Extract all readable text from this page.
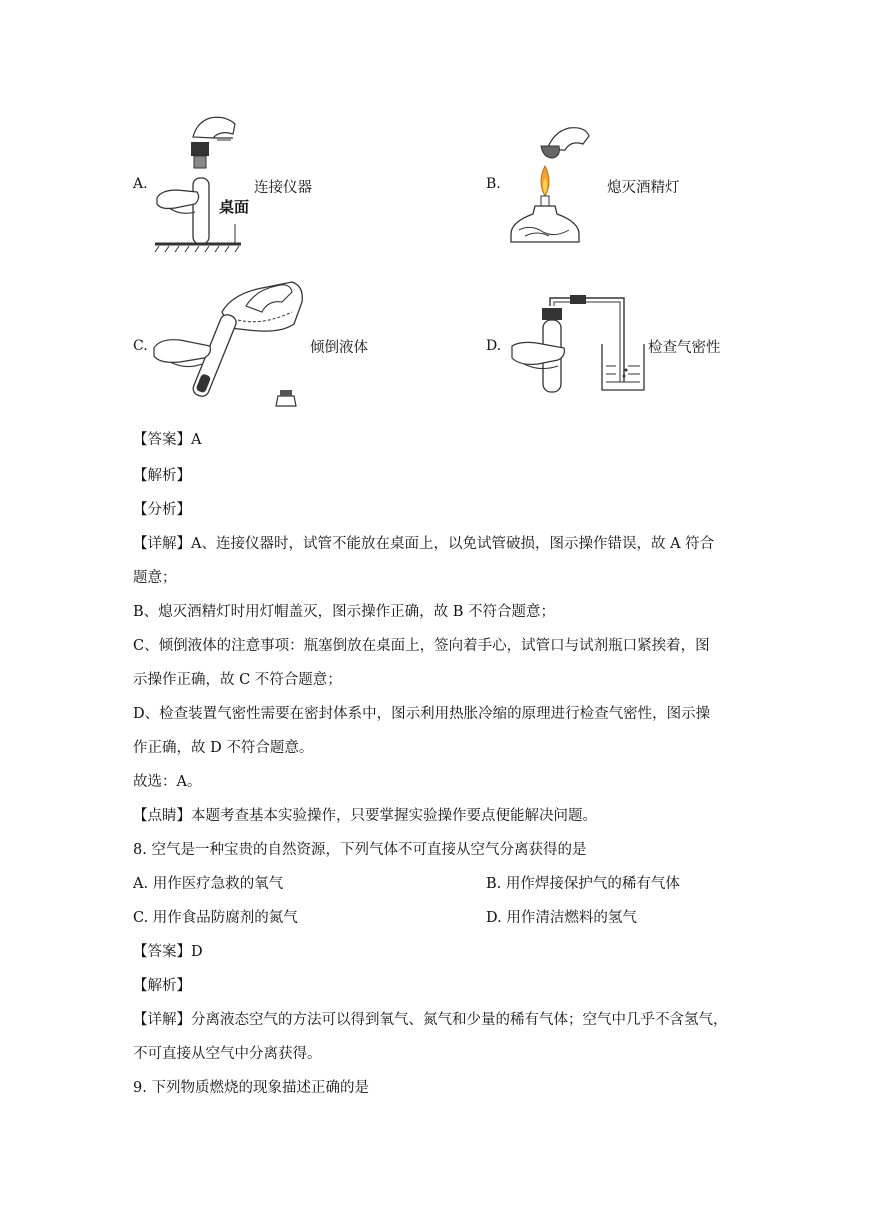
A.
桌面
连接仪器	B.	熄灭酒精灯
C.	倾倒液体	D.	检查气密性
【答案】A
【解析】
【分析】
【详解】A、连接仪器时，试管不能放在桌面上，以免试管破损，图示操作错误，故 A 符合
题意；
B、熄灭酒精灯时用灯帽盖灭，图示操作正确，故 B 不符合题意；
C、倾倒液体的注意事项：瓶塞倒放在桌面上，签向着手心，试管口与试剂瓶口紧挨着，图
示操作正确，故 C 不符合题意；
D、检查装置气密性需要在密封体系中，图示利用热胀冷缩的原理进行检查气密性，图示操
作正确，故 D 不符合题意。
故选：A。
【点睛】本题考查基本实验操作，只要掌握实验操作要点便能解决问题。
8. 空气是一种宝贵的自然资源，下列气体不可直接从空气分离获得的是
A. 用作医疗急救的氧气	B. 用作焊接保护气的稀有气体
C. 用作食品防腐剂的氮气	D. 用作清洁燃料的氢气
【答案】D
【解析】
【详解】分离液态空气的方法可以得到氧气、氮气和少量的稀有气体；空气中几乎不含氢气，
不可直接从空气中分离获得。
9. 下列物质燃烧的现象描述正确的是
